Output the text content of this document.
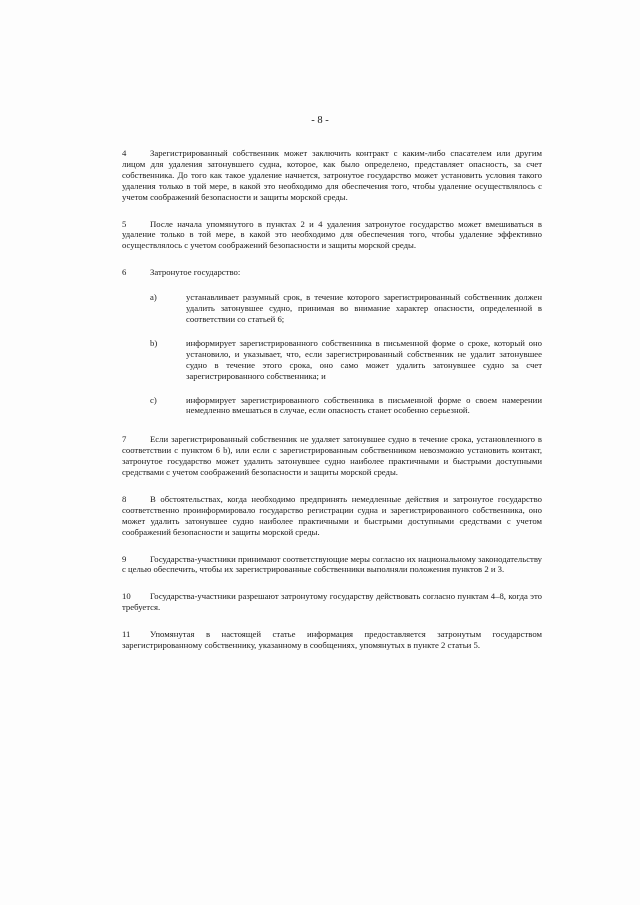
- 8 -
4	Зарегистрированный собственник может заключить контракт с каким-либо спасателем или другим лицом для удаления затонувшего судна, которое, как было определено, представляет опасность, за счет собственника. До того как такое удаление начнется, затронутое государство может установить условия такого удаления только в той мере, в какой это необходимо для обеспечения того, чтобы удаление осуществлялось с учетом соображений безопасности и защиты морской среды.
5	После начала упомянутого в пунктах 2 и 4 удаления затронутое государство может вмешиваться в удаление только в той мере, в какой это необходимо для обеспечения того, чтобы удаление эффективно осуществлялось с учетом соображений безопасности и защиты морской среды.
6	Затронутое государство:
a)	устанавливает разумный срок, в течение которого зарегистрированный собственник должен удалить затонувшее судно, принимая во внимание характер опасности, определенной в соответствии со статьей 6;
b)	информирует зарегистрированного собственника в письменной форме о сроке, который оно установило, и указывает, что, если зарегистрированный собственник не удалит затонувшее судно в течение этого срока, оно само может удалить затонувшее судно за счет зарегистрированного собственника; и
c)	информирует зарегистрированного собственника в письменной форме о своем намерении немедленно вмешаться в случае, если опасность станет особенно серьезной.
7	Если зарегистрированный собственник не удаляет затонувшее судно в течение срока, установленного в соответствии с пунктом 6 b), или если с зарегистрированным собственником невозможно установить контакт, затронутое государство может удалить затонувшее судно наиболее практичными и быстрыми доступными средствами с учетом соображений безопасности и защиты морской среды.
8	В обстоятельствах, когда необходимо предпринять немедленные действия и затронутое государство соответственно проинформировало государство регистрации судна и зарегистрированного собственника, оно может удалить затонувшее судно наиболее практичными и быстрыми доступными средствами с учетом соображений безопасности и защиты морской среды.
9	Государства-участники принимают соответствующие меры согласно их национальному законодательству с целью обеспечить, чтобы их зарегистрированные собственники выполняли положения пунктов 2 и 3.
10 Государства-участники разрешают затронутому государству действовать согласно пунктам 4–8, когда это требуется.
11 Упомянутая в настоящей статье информация предоставляется затронутым государством зарегистрированному собственнику, указанному в сообщениях, упомянутых в пункте 2 статьи 5.
